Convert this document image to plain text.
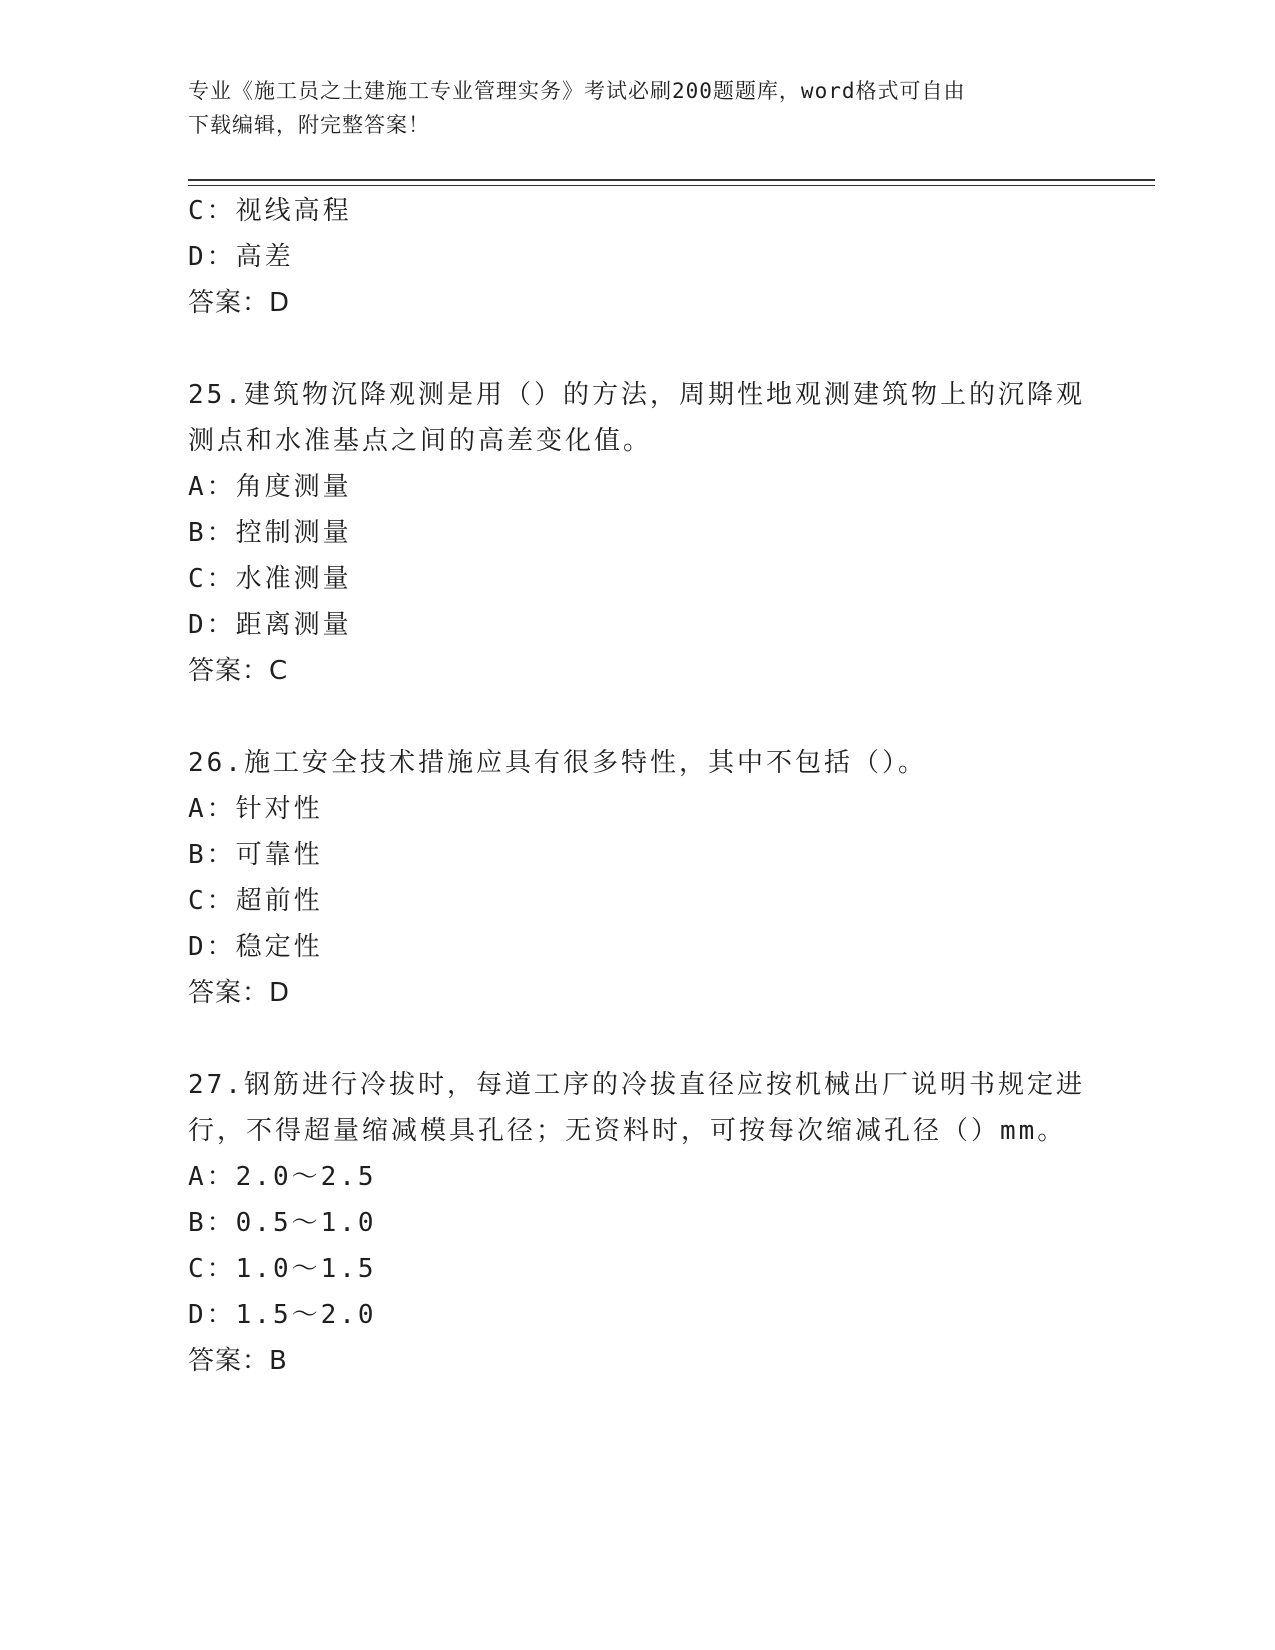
专业《施工员之土建施工专业管理实务》考试必刷200题题库，word格式可自由
下载编辑，附完整答案！
C：视线高程
D：高差
答案：D
25.建筑物沉降观测是用（）的方法，周期性地观测建筑物上的沉降观
测点和水准基点之间的高差变化值。
A：角度测量
B：控制测量
C：水准测量
D：距离测量
答案：C
26.施工安全技术措施应具有很多特性，其中不包括（）。
A：针对性
B：可靠性
C：超前性
D：稳定性
答案：D
27.钢筋进行冷拔时，每道工序的冷拔直径应按机械出厂说明书规定进
行，不得超量缩减模具孔径；无资料时，可按每次缩减孔径（）mm。
A：2.0～2.5
B：0.5～1.0
C：1.0～1.5
D：1.5～2.0
答案：B
